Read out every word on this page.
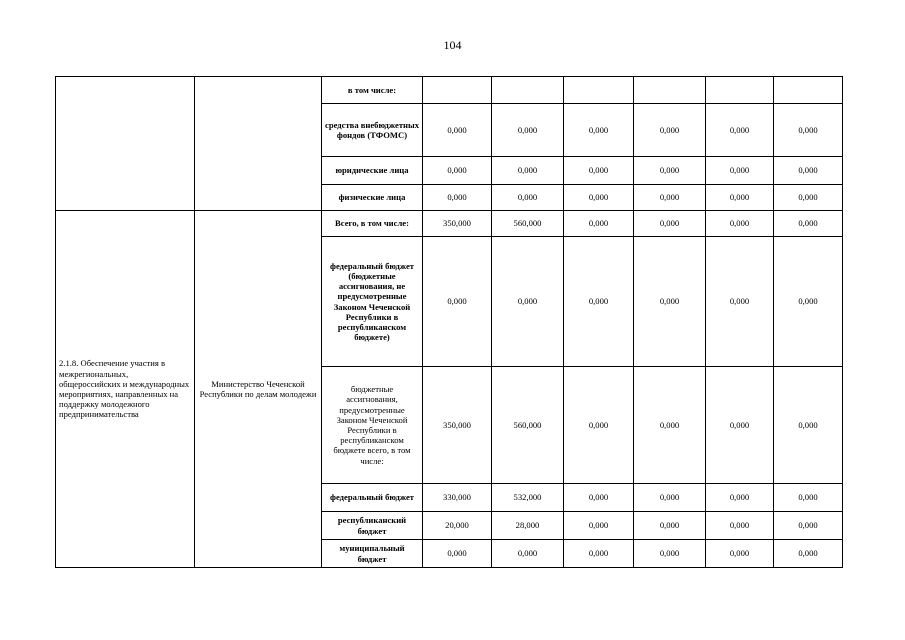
104
		в том числе:						
		средства внебюджетных фондов (ТФОМС)	0,000	0,000	0,000	0,000	0,000	0,000
		юридические лица	0,000	0,000	0,000	0,000	0,000	0,000
		физические лица	0,000	0,000	0,000	0,000	0,000	0,000
2.1.8. Обеспечение участия в межрегиональных, общероссийских и международных мероприятиях, направленных на поддержку молодежного предпринимательства	Министерство Чеченской Республики по делам молодежи	Всего, в том числе:	350,000	560,000	0,000	0,000	0,000	0,000
		федеральный бюджет (бюджетные ассигнования, не предусмотренные Законом Чеченской Республики в республиканском бюджете)	0,000	0,000	0,000	0,000	0,000	0,000
		бюджетные ассигнования, предусмотренные Законом Чеченской Республики в республиканском бюджете всего, в том числе:	350,000	560,000	0,000	0,000	0,000	0,000
		федеральный бюджет	330,000	532,000	0,000	0,000	0,000	0,000
		республиканский бюджет	20,000	28,000	0,000	0,000	0,000	0,000
		муниципальный бюджет	0,000	0,000	0,000	0,000	0,000	0,000
